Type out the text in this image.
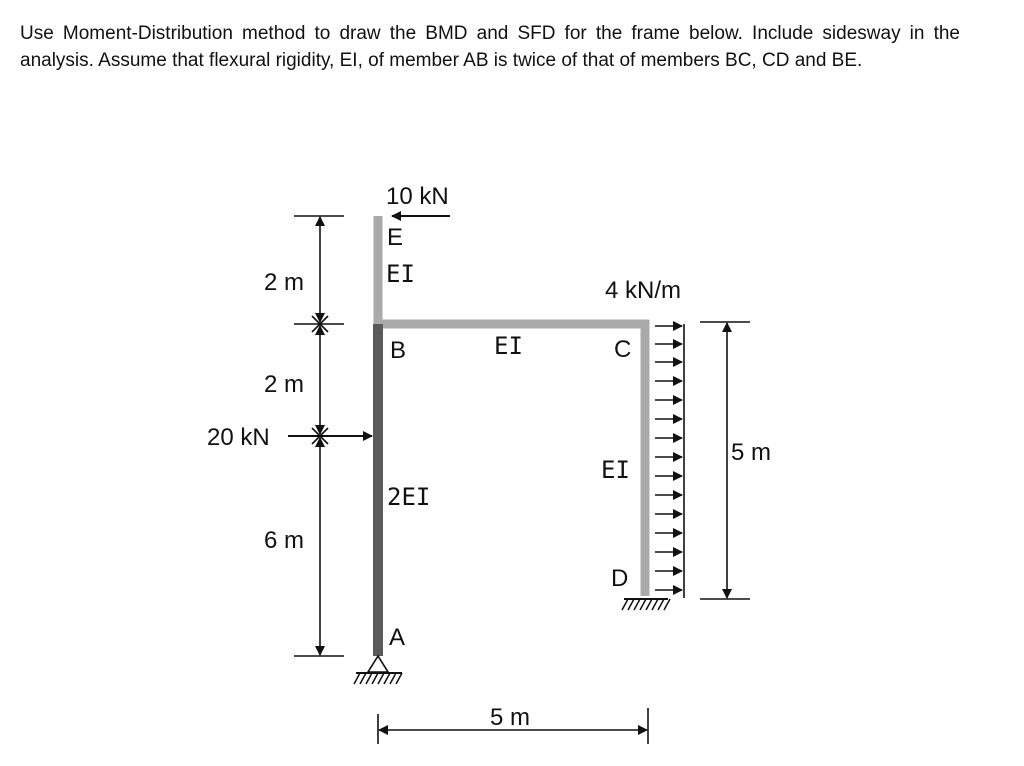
Use Moment-Distribution method to draw the BMD and SFD for the frame below. Include sidesway in the analysis. Assume that flexural rigidity, EI, of member AB is twice of that of members BC, CD and BE.

10 kN
E
EI
4 kN/m
B	EI	C
EI
2EI
D
A
2 m
2 m
20 kN
6 m
5 m
5 m
